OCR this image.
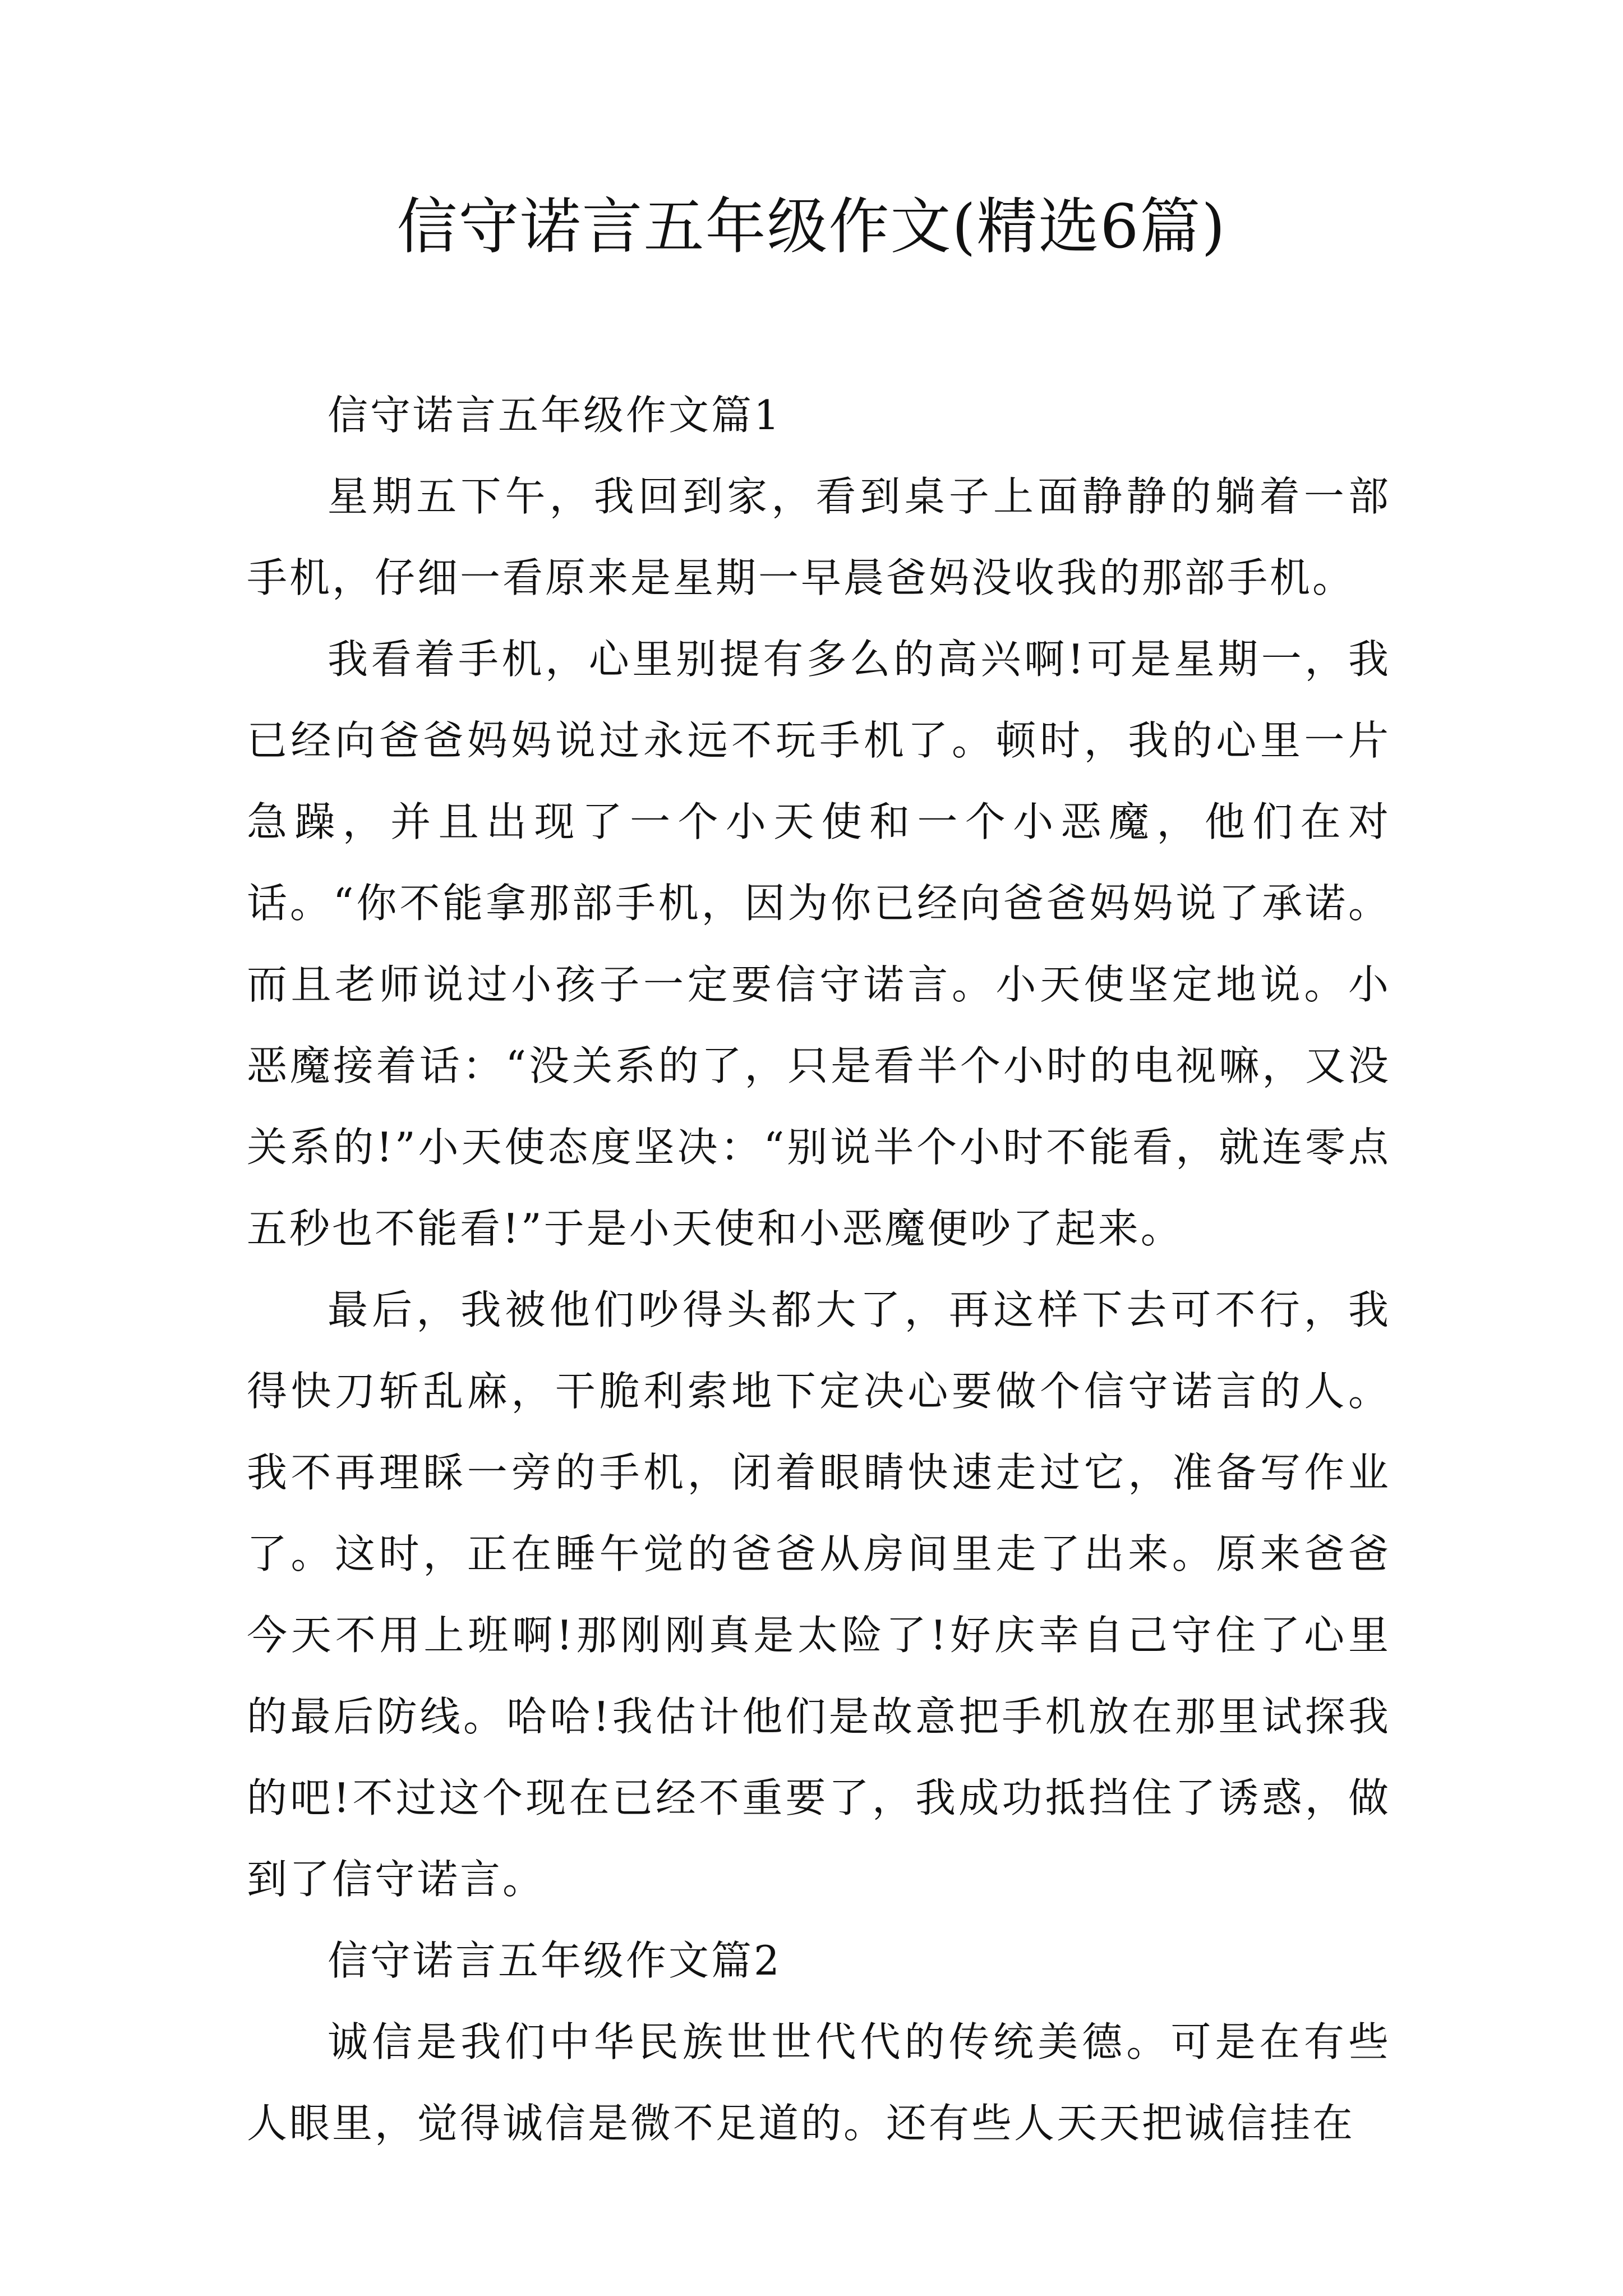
信守诺言五年级作文(精选6篇)

信守诺言五年级作文篇1

星期五下午，我回到家，看到桌子上面静静的躺着一部手机，仔细一看原来是星期一早晨爸妈没收我的那部手机。

我看着手机，心里别提有多么的高兴啊!可是星期一，我已经向爸爸妈妈说过永远不玩手机了。顿时，我的心里一片急躁，并且出现了一个小天使和一个小恶魔，他们在对话。“你不能拿那部手机，因为你已经向爸爸妈妈说了承诺。而且老师说过小孩子一定要信守诺言。小天使坚定地说。小恶魔接着话：“没关系的了，只是看半个小时的电视嘛，又没关系的!”小天使态度坚决：“别说半个小时不能看，就连零点五秒也不能看!”于是小天使和小恶魔便吵了起来。

最后，我被他们吵得头都大了，再这样下去可不行，我得快刀斩乱麻，干脆利索地下定决心要做个信守诺言的人。我不再理睬一旁的手机，闭着眼睛快速走过它，准备写作业了。这时，正在睡午觉的爸爸从房间里走了出来。原来爸爸今天不用上班啊!那刚刚真是太险了!好庆幸自己守住了心里的最后防线。哈哈!我估计他们是故意把手机放在那里试探我的吧!不过这个现在已经不重要了，我成功抵挡住了诱惑，做到了信守诺言。

信守诺言五年级作文篇2

诚信是我们中华民族世世代代的传统美德。可是在有些人眼里，觉得诚信是微不足道的。还有些人天天把诚信挂在
